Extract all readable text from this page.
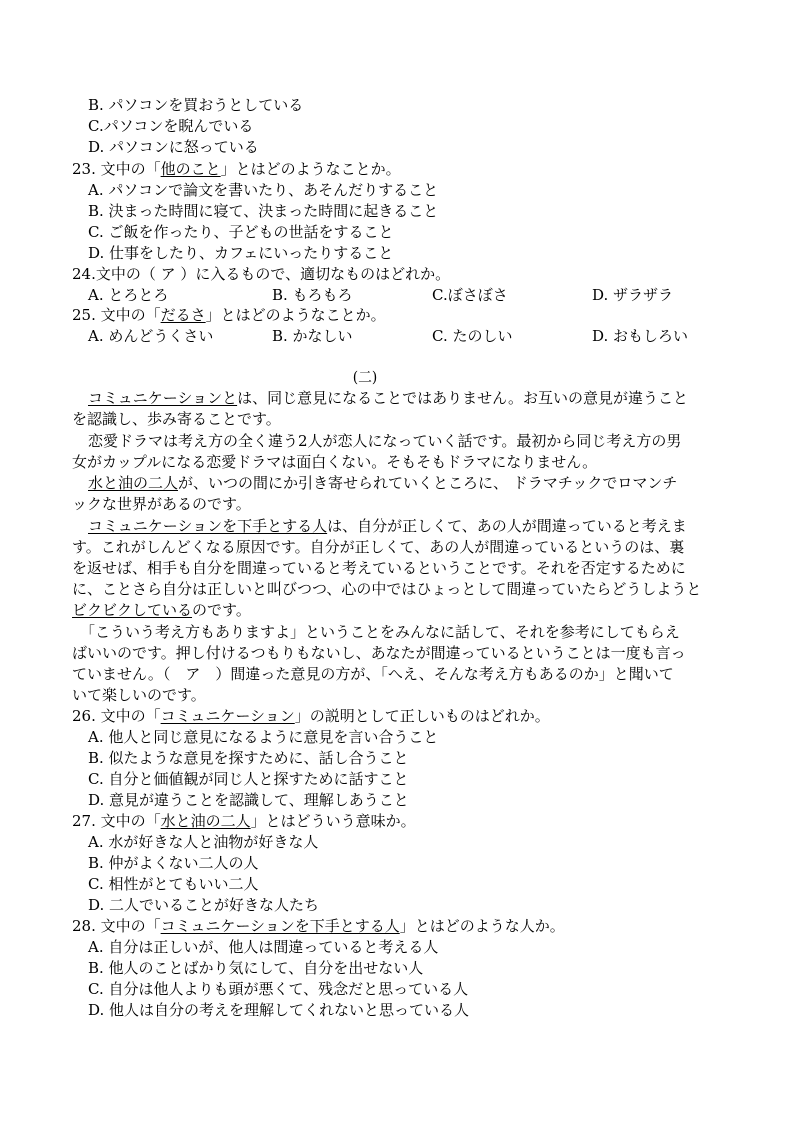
B. パソコンを買おうとしている
C.パソコンを睨んでいる
D. パソコンに怒っている
23. 文中の「他のこと」とはどのようなことか。
A. パソコンで論文を書いたり、あそんだりすること
B. 決まった時間に寝て、決まった時間に起きること
C. ご飯を作ったり、子どもの世話をすること
D. 仕事をしたり、カフェにいったりすること
24.文中の（ ア ）に入るもので、適切なものはどれか。
A. とろとろ	B. もろもろ	C.ぼさぼさ	D. ザラザラ
25. 文中の「だるさ」とはどのようなことか。
A. めんどうくさい	B. かなしい	C. たのしい	D. おもしろい
(二)
コミュニケーションとは、同じ意見になることではありません。お互いの意見が違うこと
を認識し、歩み寄ることです。
恋愛ドラマは考え方の全く違う2人が恋人になっていく話です。最初から同じ考え方の男
女がカップルになる恋愛ドラマは面白くない。そもそもドラマになりません。
水と油の二人が、いつの間にか引き寄せられていくところに、 ドラマチックでロマンチ
ックな世界があるのです。
コミュニケーションを下手とする人は、自分が正しくて、あの人が間違っていると考えま
す。これがしんどくなる原因です。自分が正しくて、あの人が間違っているというのは、裏
を返せば、相手も自分を間違っていると考えているということです。それを否定するために
に、ことさら自分は正しいと叫びつつ、心の中ではひょっとして間違っていたらどうしようと
ビクビクしているのです。
「こういう考え方もありますよ」ということをみんなに話して、それを参考にしてもらえ
ばいいのです。押し付けるつもりもないし、あなたが間違っているということは一度も言っ
ていません。（　ア　）間違った意見の方が、「へえ、そんな考え方もあるのか」と聞いて
いて楽しいのです。
26. 文中の「コミュニケーション」の説明として正しいものはどれか。
A. 他人と同じ意見になるように意見を言い合うこと
B. 似たような意見を探すために、話し合うこと
C. 自分と価値観が同じ人と探すために話すこと
D. 意見が違うことを認識して、理解しあうこと
27. 文中の「水と油の二人」とはどういう意味か。
A. 水が好きな人と油物が好きな人
B. 仲がよくない二人の人
C. 相性がとてもいい二人
D. 二人でいることが好きな人たち
28. 文中の「コミュニケーションを下手とする人」とはどのような人か。
A. 自分は正しいが、他人は間違っていると考える人
B. 他人のことばかり気にして、自分を出せない人
C. 自分は他人よりも頭が悪くて、残念だと思っている人
D. 他人は自分の考えを理解してくれないと思っている人
